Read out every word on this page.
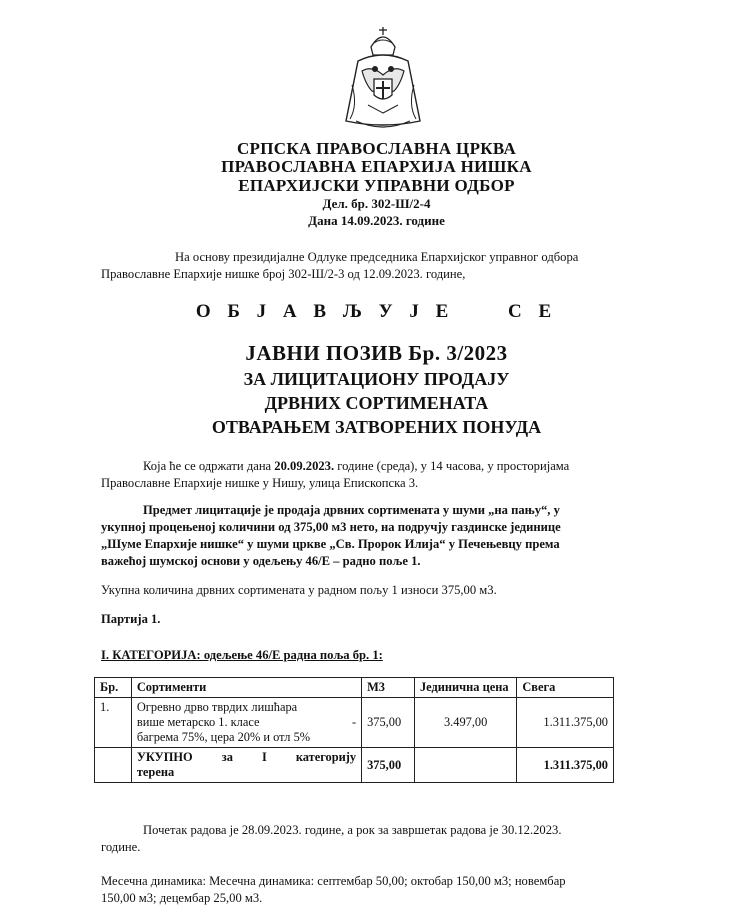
СРПСКА ПРАВОСЛАВНА ЦРКВА
ПРАВОСЛАВНА ЕПАРХИЈА НИШКА
ЕПАРХИЈСКИ УПРАВНИ ОДБОР
Дел. бр. 302-Ш/2-4
Дана 14.09.2023. године
На основу президијалне Одлуке председника Епархијског управног одбора
Православне Епархије нишке број 302-Ш/2-3 од 12.09.2023. године,
О Б Ј А В Љ У Ј Е     С Е
ЈАВНИ ПОЗИВ Бр. 3/2023
ЗА ЛИЦИТАЦИОНУ ПРОДАЈУ
ДРВНИХ СОРТИМЕНАТА
ОТВАРАЊЕМ ЗАТВОРЕНИХ ПОНУДА
Која ће се одржати дана 20.09.2023. године (среда), у 14 часова, у просторијама
Православне Епархије нишке у Нишу, улица Епископска 3.
Предмет лицитације је продаја дрвних сортимената у шуми „на пању“, у
укупној процењеној количини од 375,00 м3 нето, на подручју газдинске јединице
„Шуме Епархије нишке“ у шуми цркве „Св. Пророк Илија“ у Печењевцу према
важећој шумској основи у одељењу 46/Е – радно поље 1.
Укупна количина дрвних сортимената у радном пољу 1 износи 375,00 м3.
Партија 1.
I. КАТЕГОРИЈА: одељење 46/Е радна поља бр. 1:
Бр.	Сортименти	М3	Јединична цена	Свега
1.	Огревно дрво тврдих лишћара
више метарско 1. класе -
багрема 75%, цера 20% и отл 5%	375,00	3.497,00	1.311.375,00

	УКУПНО за I категорију
терена	375,00		1.311.375,00
Почетак радова је 28.09.2023. године, а рок за завршетак радова је 30.12.2023.
године.
Месечна динамика: Месечна динамика: септембар 50,00; октобар 150,00 м3; новембар
150,00 м3; децембар 25,00 м3.
